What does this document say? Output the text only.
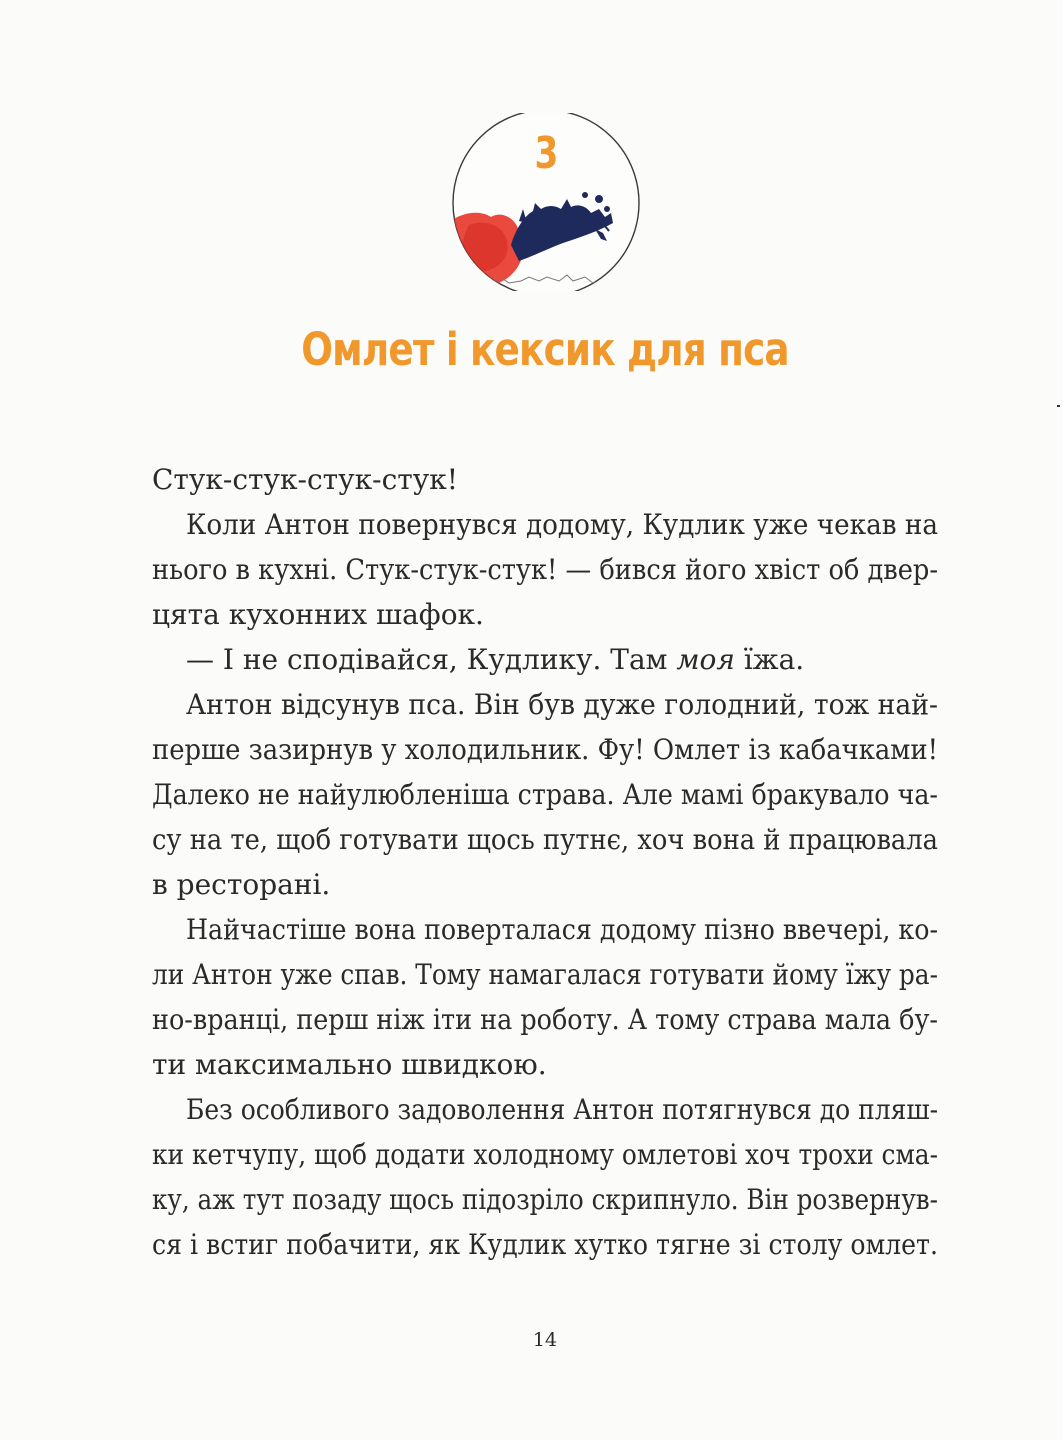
3
Омлет і кексик для пса
Стук-стук-стук-стук!
Коли Антон повернувся додому, Кудлик уже чекав на
нього в кухні. Стук-стук-стук! — бився його хвіст об двер-
цята кухонних шафок.
— І не сподівайся, Кудлику. Там моя їжа.
Антон відсунув пса. Він був дуже голодний, тож най-
перше зазирнув у холодильник. Фу! Омлет із кабачками!
Далеко не найулюбленіша страва. Але мамі бракувало ча-
су на те, щоб готувати щось путнє, хоч вона й працювала
в ресторані.
Найчастіше вона поверталася додому пізно ввечері, ко-
ли Антон уже спав. Тому намагалася готувати йому їжу ра-
но-вранці, перш ніж іти на роботу. А тому страва мала бу-
ти максимально швидкою.
Без особливого задоволення Антон потягнувся до пляш-
ки кетчупу, щоб додати холодному омлетові хоч трохи сма-
ку, аж тут позаду щось підозріло скрипнуло. Він розвернув-
ся і встиг побачити, як Кудлик хутко тягне зі столу омлет.
14
